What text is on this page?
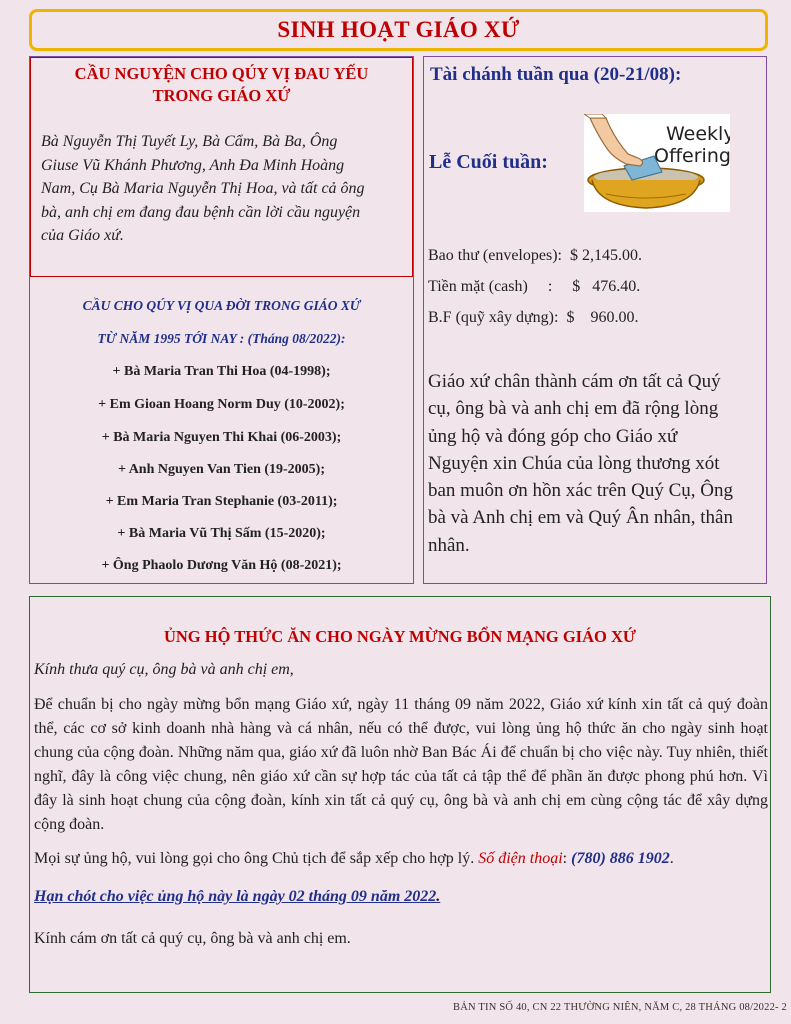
SINH HOẠT GIÁO XỨ
CẦU NGUYỆN CHO QÚY VỊ ĐAU YẾU
TRONG GIÁO XỨ
Bà Nguyễn Thị Tuyết Ly, Bà Cẩm, Bà Ba, Ông
Giuse Vũ Khánh Phương, Anh Đa Minh Hoàng
Nam, Cụ Bà Maria Nguyễn Thị Hoa, và tất cả ông
bà, anh chị em đang đau bệnh cần lời cầu nguyện
của Giáo xứ.
CẦU CHO QÚY VỊ QUA ĐỜI TRONG GIÁO XỨ
TỪ NĂM 1995 TỚI NAY : (Tháng 08/2022):
+ Bà Maria Tran Thi Hoa (04-1998);
+ Em Gioan Hoang Norm Duy (10-2002);
+ Bà Maria Nguyen Thi Khai (06-2003);
+ Anh Nguyen Van Tien (19-2005);
+ Em Maria Tran Stephanie (03-2011);
+ Bà Maria Vũ Thị Sấm (15-2020);
+ Ông Phaolo Dương Văn Hộ (08-2021);
Tài chánh tuần qua (20-21/08):
Lễ Cuối tuần:
Weekly
Offering
Bao thư (envelopes):  $ 2,145.00.
Tiền mặt (cash)     :     $   476.40.
B.F (quỹ xây dựng):  $    960.00.
Giáo xứ chân thành cám ơn tất cả Quý
cụ, ông bà và anh chị em đã rộng lòng
ủng hộ và đóng góp cho Giáo xứ
Nguyện xin Chúa của lòng thương xót
ban muôn ơn hồn xác trên Quý Cụ, Ông
bà và Anh chị em và Quý Ân nhân, thân
nhân.
ỦNG HỘ THỨC ĂN CHO NGÀY MỪNG BỔN MẠNG GIÁO XỨ
Kính thưa quý cụ, ông bà và anh chị em,
Để chuẩn bị cho ngày mừng bổn mạng Giáo xứ, ngày 11 tháng 09 năm 2022, Giáo xứ kính xin tất cả quý đoàn thể, các cơ sở kinh doanh nhà hàng và cá nhân, nếu có thể được, vui lòng ủng hộ thức ăn cho ngày sinh hoạt chung của cộng đoàn. Những năm qua, giáo xứ đã luôn nhờ Ban Bác Ái để chuẩn bị cho việc này. Tuy nhiên, thiết nghĩ, đây là công việc chung, nên giáo xứ cần sự hợp tác của tất cả tập thể để phần ăn được phong phú hơn. Vì đây là sinh hoạt chung của cộng đoàn, kính xin tất cả quý cụ, ông bà và anh chị em cùng cộng tác để xây dựng cộng đoàn.
Mọi sự ủng hộ, vui lòng gọi cho ông Chủ tịch để sắp xếp cho hợp lý. Số điện thoại: (780) 886 1902.
Hạn chót cho việc ủng hộ này là ngày 02 tháng 09 năm 2022.
Kính cám ơn tất cả quý cụ, ông bà và anh chị em.
BẢN TIN SỐ 40, CN 22 THƯỜNG NIÊN, NĂM C, 28 THÁNG 08/2022- 2
